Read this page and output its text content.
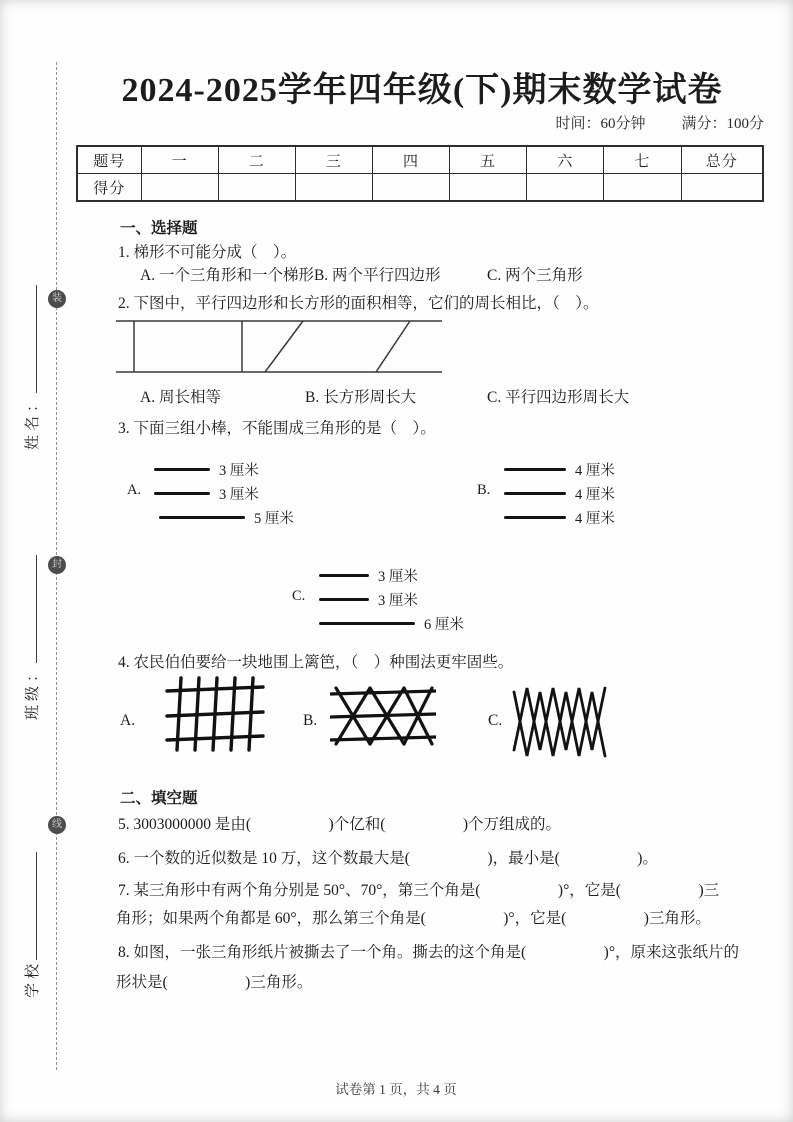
装
封
线
姓名：
班级：
学校
2024-2025学年四年级(下)期末数学试卷
时间：60分钟 满分：100分
题号	一	二	三	四	五	六	七	总分
得分								
一、选择题
1. 梯形不可能分成（　）。
A. 一个三角形和一个梯形B. 两个平行四边形	C. 两个三角形
2. 下图中，平行四边形和长方形的面积相等，它们的周长相比，（　）。
A. 周长相等	B. 长方形周长大	C. 平行四边形周长大
3. 下面三组小棒，不能围成三角形的是（　）。
A.
3 厘米
3 厘米
5 厘米
B.
4 厘米
4 厘米
4 厘米
C.
3 厘米
3 厘米
6 厘米
4. 农民伯伯要给一块地围上篱笆，（　）种围法更牢固些。
A.	B.	C.
二、填空题
5. 3003000000 是由(　　　　　)个亿和(　　　　　)个万组成的。
6. 一个数的近似数是 10 万，这个数最大是(　　　　　)，最小是(　　　　　)。
7. 某三角形中有两个角分别是 50°、70°，第三个角是(　　　　　)°，它是(　　　　　)三
角形；如果两个角都是 60°，那么第三个角是(　　　　　)°，它是(　　　　　)三角形。
8. 如图，一张三角形纸片被撕去了一个角。撕去的这个角是(　　　　　)°，原来这张纸片的
形状是(　　　　　)三角形。
试卷第 1 页，共 4 页
